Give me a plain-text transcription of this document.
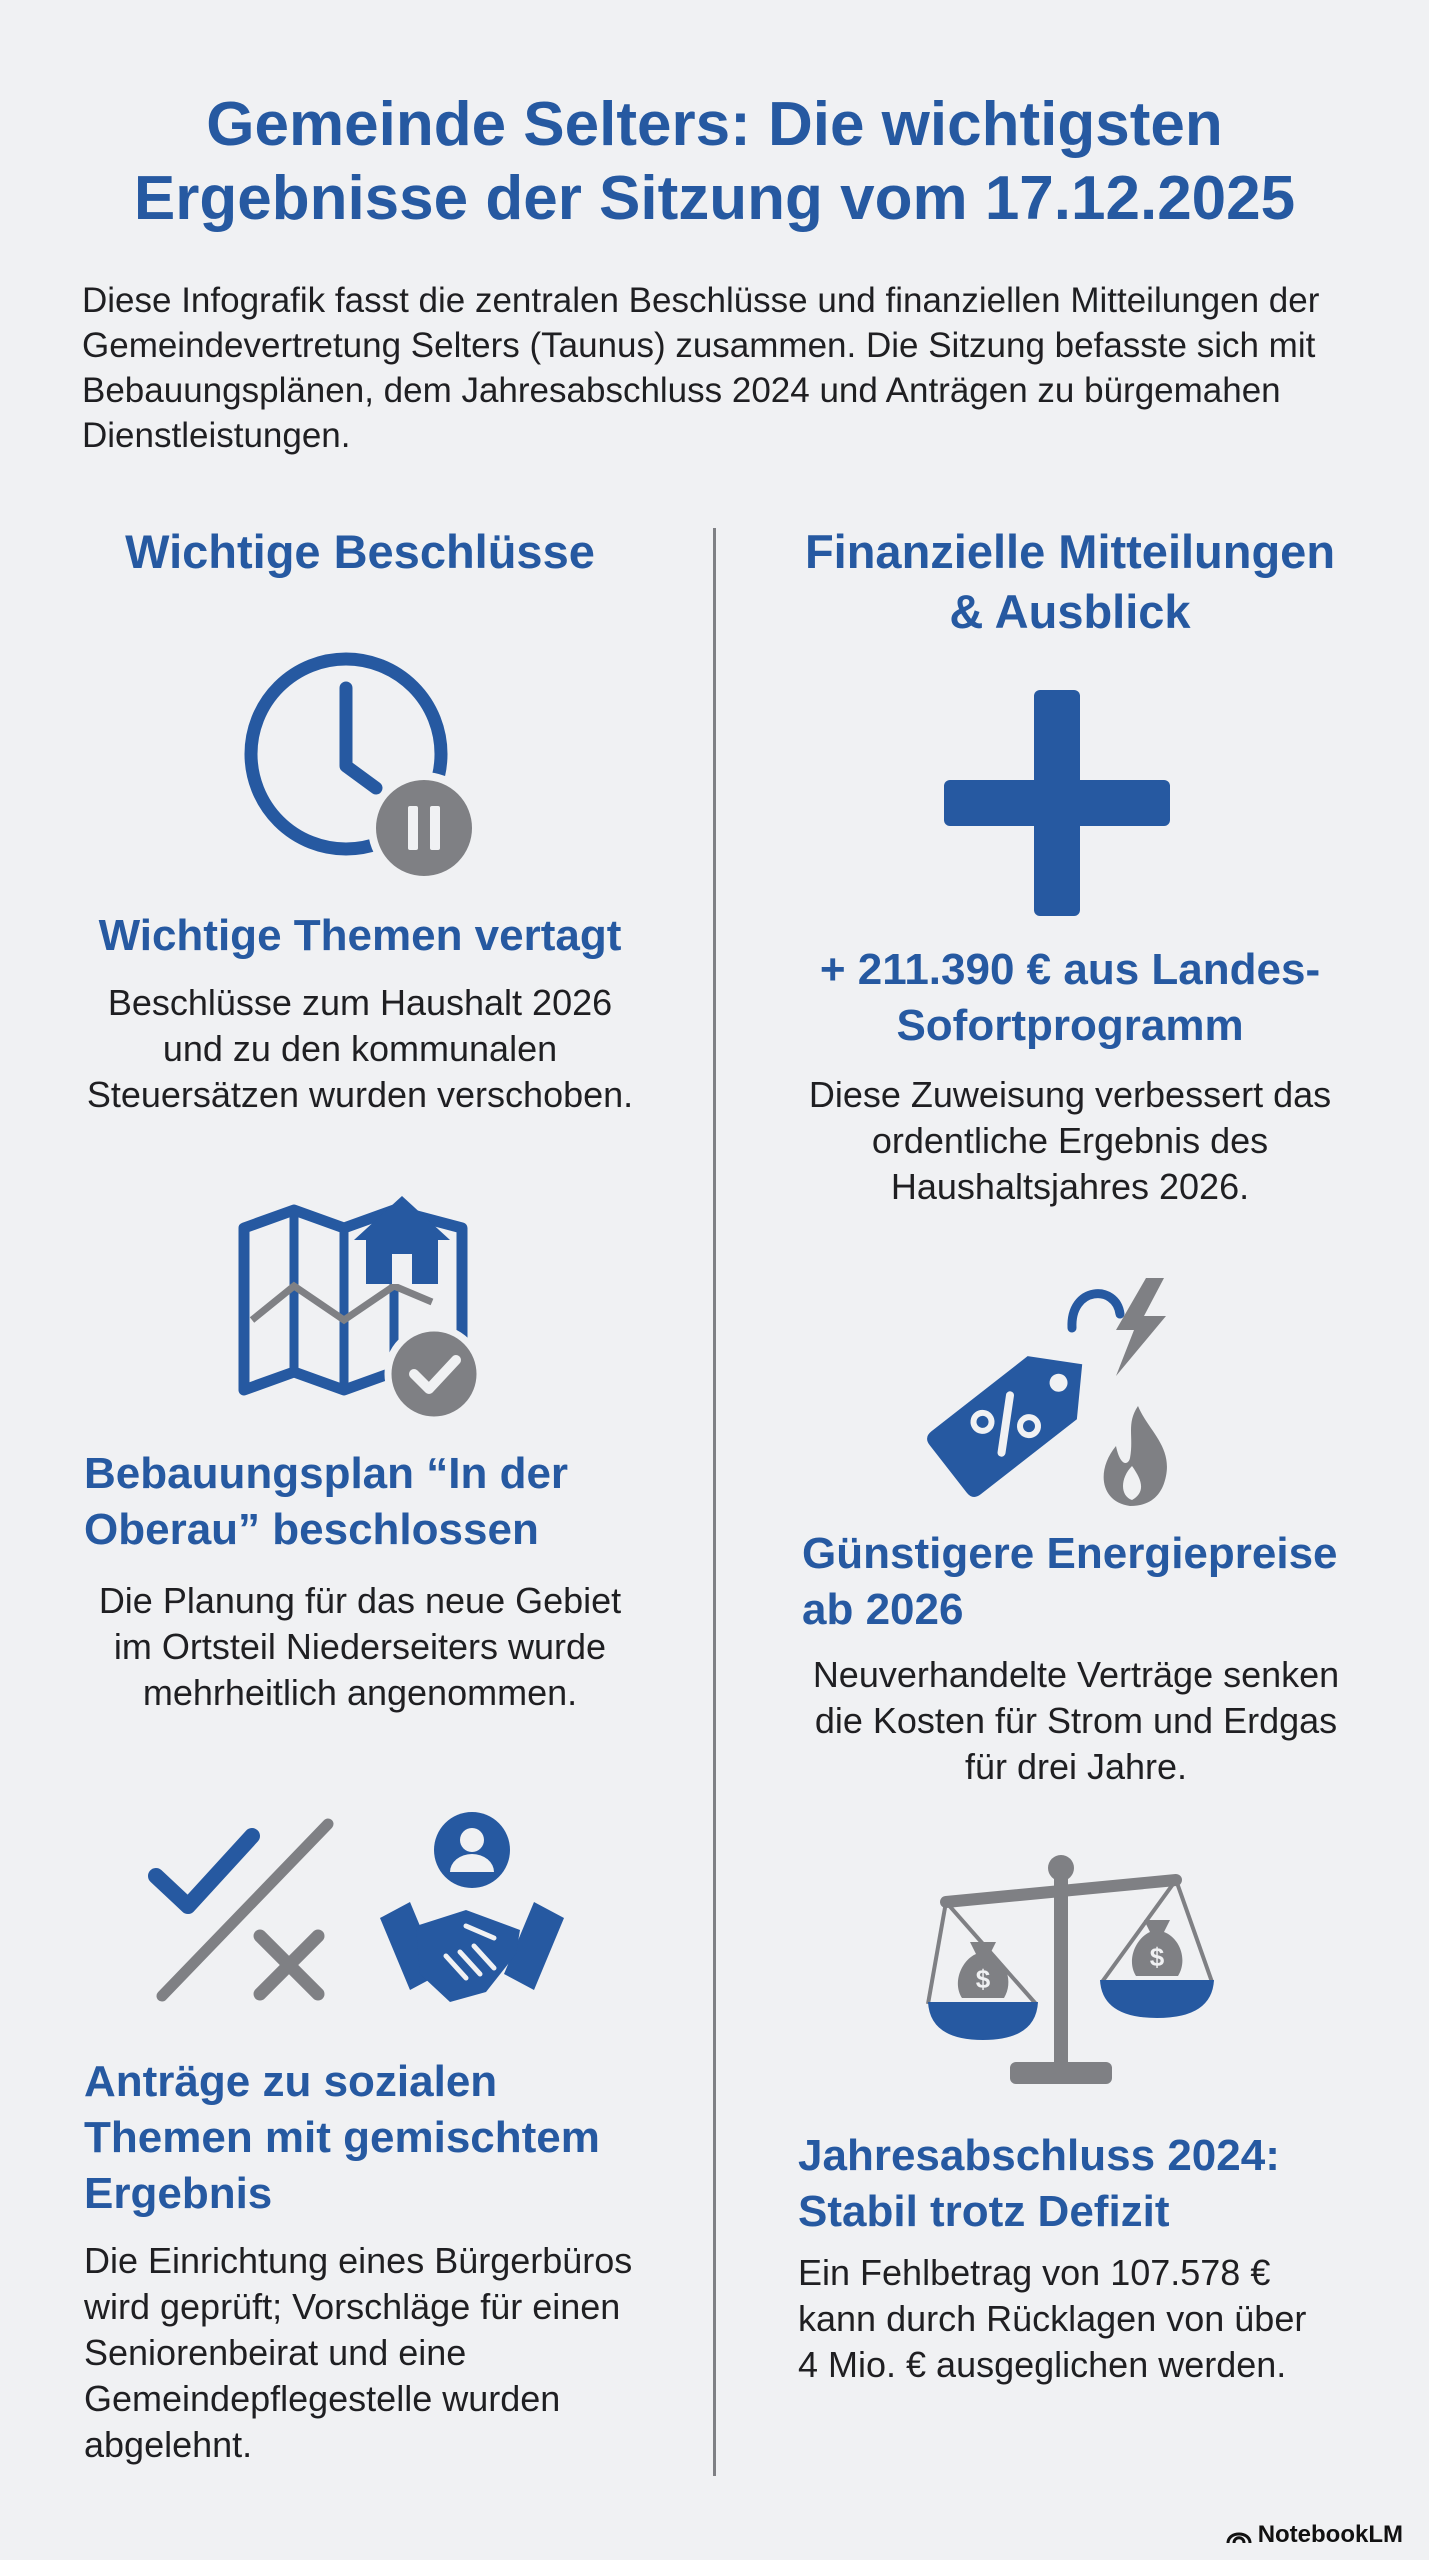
Gemeinde Selters: Die wichtigsten
Ergebnisse der Sitzung vom 17.12.2025

Diese Infografik fasst die zentralen Beschlüsse und finanziellen Mitteilungen der Gemeindevertretung Selters (Taunus) zusammen. Die Sitzung befasste sich mit Bebauungsplänen, dem Jahresabschluss 2024 und Anträgen zu bürgemahen Dienstleistungen.

Wichtige Beschlüsse
Wichtige Themen vertagt

Beschlüsse zum Haushalt 2026
und zu den kommunalen
Steuersätzen wurden verschoben.

Bebauungsplan “In der
Oberau” beschlossen

Die Planung für das neue Gebiet
im Ortsteil Niederseiters wurde
mehrheitlich angenommen.

Anträge zu sozialen
Themen mit gemischtem
Ergebnis

Die Einrichtung eines Bürgerbüros
wird geprüft; Vorschläge für einen
Seniorenbeirat und eine
Gemeindepflegestelle wurden
abgelehnt.

Finanzielle Mitteilungen
& Ausblick
+ 211.390 € aus Landes-
Sofortprogramm

Diese Zuweisung verbessert das
ordentliche Ergebnis des
Haushaltsjahres 2026.

Günstigere Energiepreise
ab 2026

Neuverhandelte Verträge senken
die Kosten für Strom und Erdgas
für drei Jahre.

$
$
Jahresabschluss 2024:
Stabil trotz Defizit

Ein Fehlbetrag von 107.578 €
kann durch Rücklagen von über
4 Mio. € ausgeglichen werden.

NotebookLM
